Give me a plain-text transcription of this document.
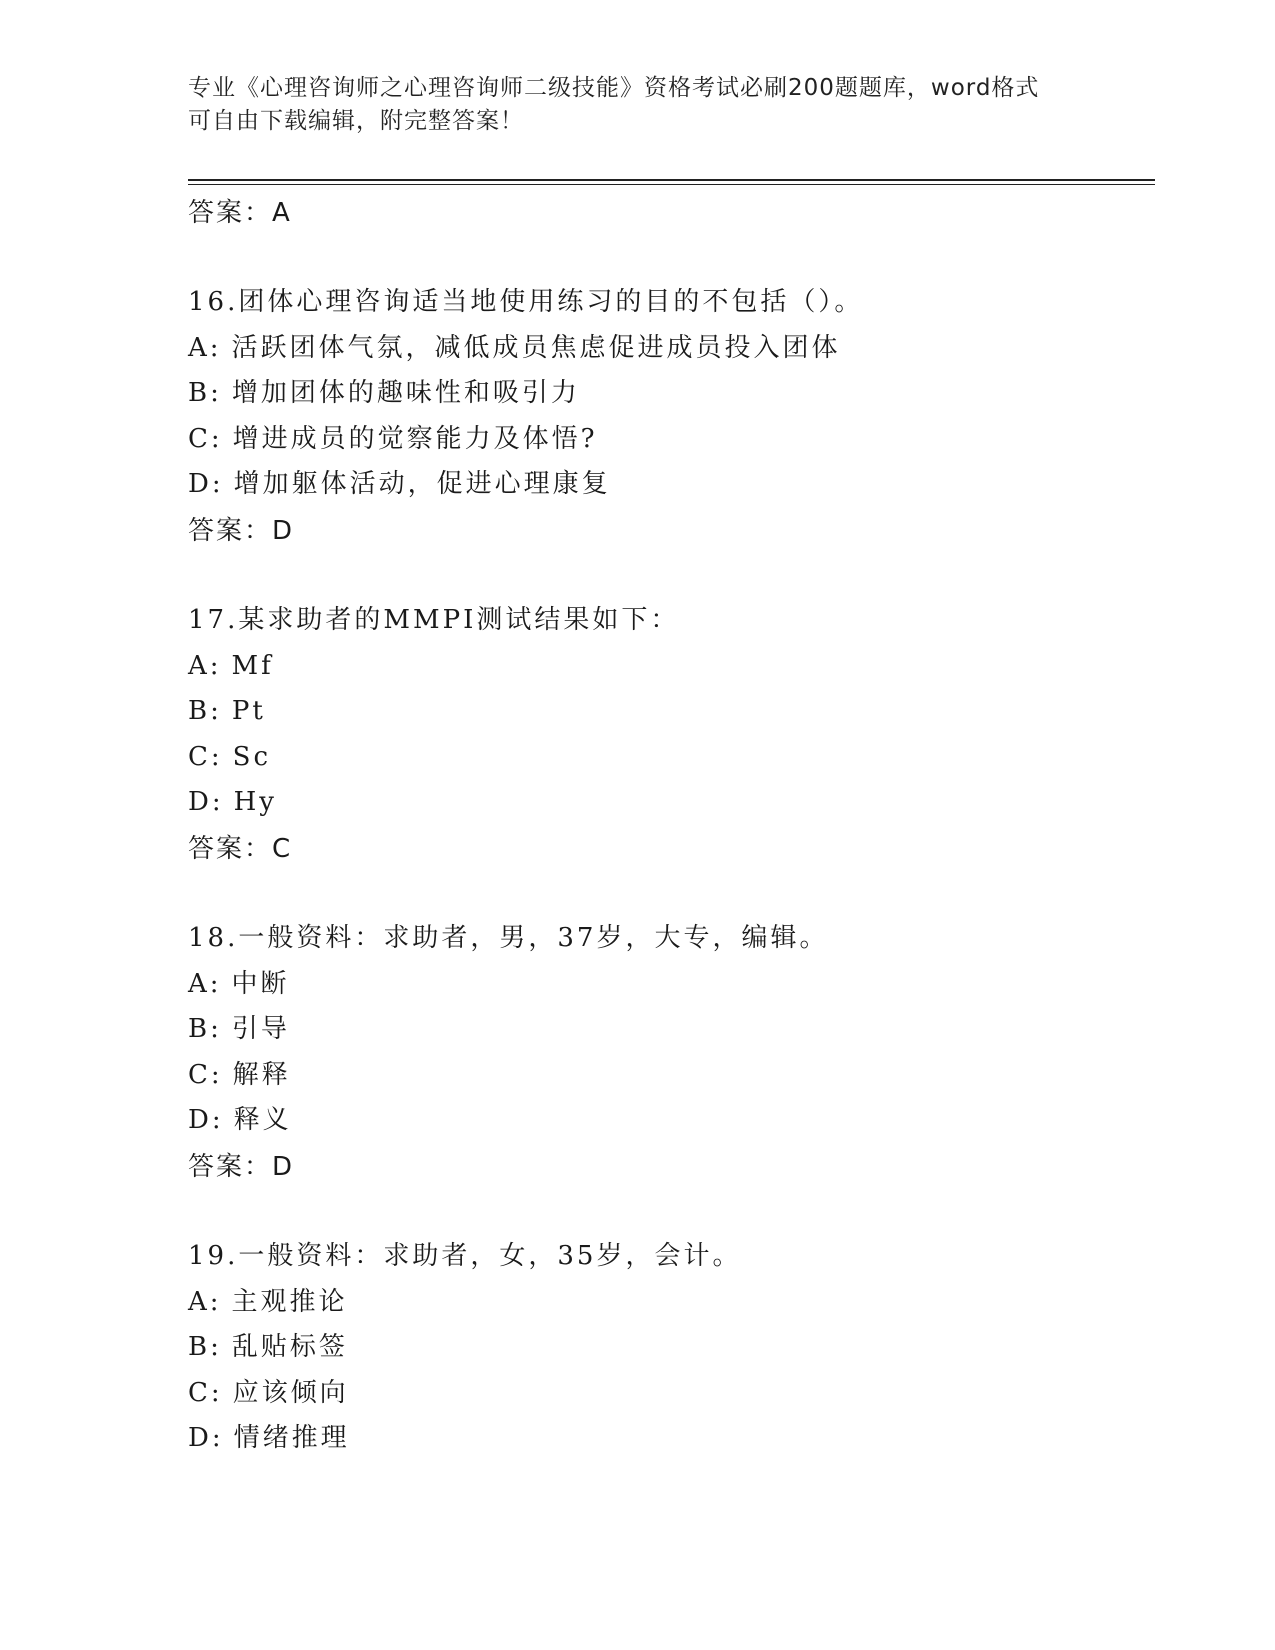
专业《心理咨询师之心理咨询师二级技能》资格考试必刷200题题库，word格式
可自由下载编辑，附完整答案！
答案：A
16.团体心理咨询适当地使用练习的目的不包括（）。
A: 活跃团体气氛，减低成员焦虑促进成员投入团体
B: 增加团体的趣味性和吸引力
C: 增进成员的觉察能力及体悟?
D: 增加躯体活动，促进心理康复
答案：D
17.某求助者的MMPI测试结果如下：
A: Mf
B: Pt
C: Sc
D: Hy
答案：C
18.一般资料：求助者，男，37岁，大专，编辑。
A: 中断
B: 引导
C: 解释
D: 释义
答案：D
19.一般资料：求助者，女，35岁，会计。
A: 主观推论
B: 乱贴标签
C: 应该倾向
D: 情绪推理
